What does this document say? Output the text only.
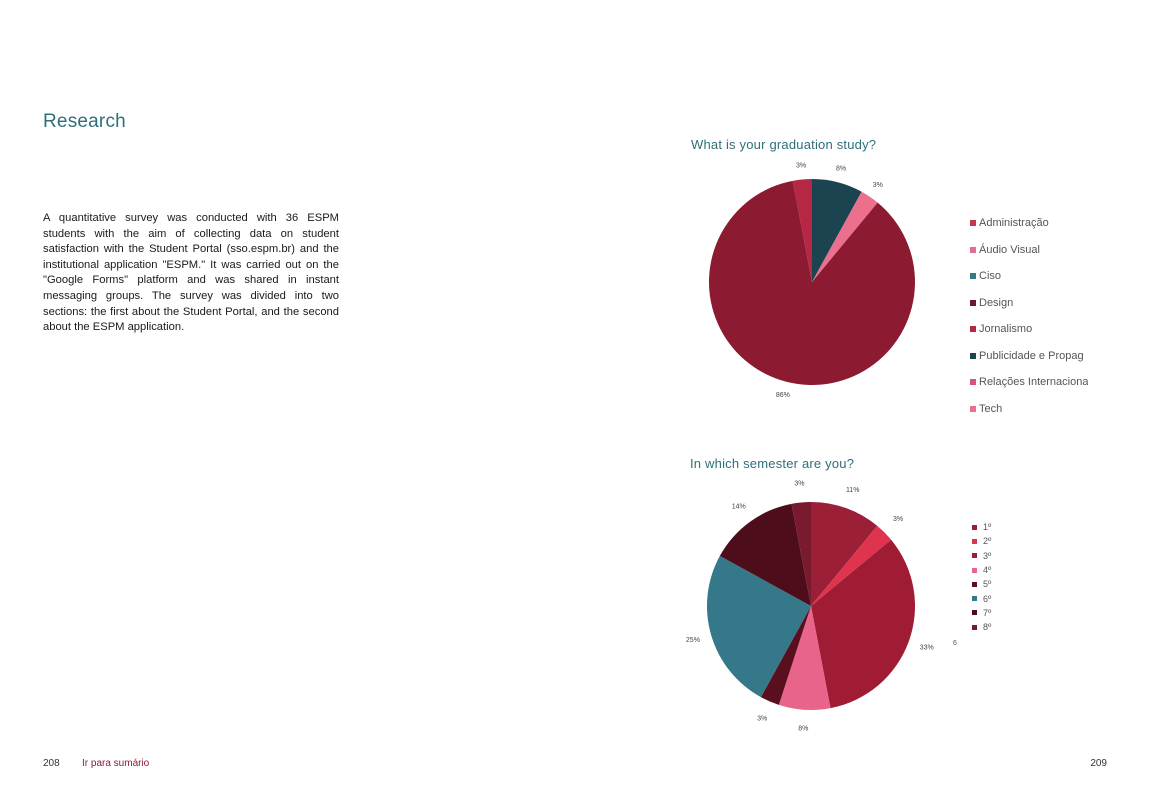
Research
A quantitative survey was conducted with 36 ESPM students with the aim of collecting data on student satisfaction with the Student Portal (sso.espm.br) and the institutional application "ESPM." It was carried out on the "Google Forms" platform and was shared in instant messaging groups. The survey was divided into two sections: the first about the Student Portal, and the second about the ESPM application.
What is your graduation study?
8%
3%
86%
3%
Administração
Áudio Visual
Ciso
Design
Jornalismo
Publicidade e Propag
Relações Internaciona
Tech
In which semester are you?
11%
3%
33%
8%
3%
25%
14%
3%
1º
2º
3º
4º
5º
6º
7º
8º
6
208 Ir para sumário	209
